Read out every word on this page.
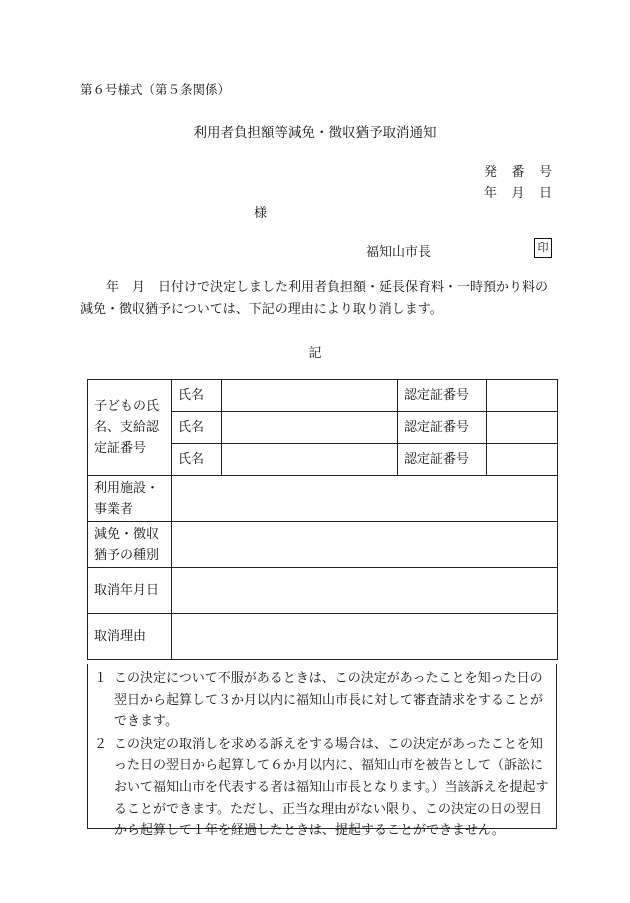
第６号様式（第５条関係）
利用者負担額等減免・徴収猶予取消通知
発 番 号
年 月 日
様
福知山市長	印
年　月　日付けで決定しました利用者負担額・延長保育料・一時預かり料の減免・徴収猶予については、下記の理由により取り消します。
記
子どもの氏名、支給認定証番号	氏名		認定証番号	
	氏名		認定証番号	
	氏名		認定証番号	
利用施設・事業者				
減免・徴収猶予の種別				
取消年月日				
取消理由				
１ この決定について不服があるときは、この決定があったことを知った日の翌日から起算して３か月以内に福知山市長に対して審査請求をすることができます。
２ この決定の取消しを求める訴えをする場合は、この決定があったことを知った日の翌日から起算して６か月以内に、福知山市を被告として（訴訟において福知山市を代表する者は福知山市長となります。）当該訴えを提起することができます。ただし、正当な理由がない限り、この決定の日の翌日から起算して１年を経過したときは、提起することができません。
